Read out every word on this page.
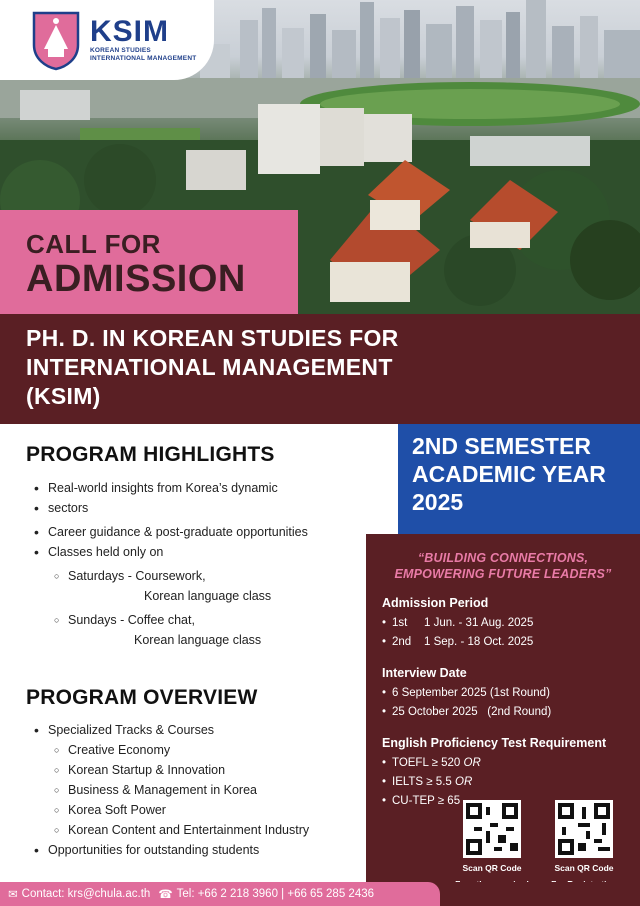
KSIM
KOREAN STUDIES
INTERNATIONAL MANAGEMENT
CALL FOR
ADMISSION
PH. D. IN KOREAN STUDIES FOR
INTERNATIONAL MANAGEMENT
(KSIM)
2ND SEMESTER
ACADEMIC YEAR
2025
PROGRAM HIGHLIGHTS
• Real-world insights from Korea’s dynamic
• sectors
• Career guidance & post-graduate opportunities
• Classes held only on
○ Saturdays - Coursework,
Korean language class
○ Sundays - Coffee chat,
Korean language class
PROGRAM OVERVIEW
• Specialized Tracks & Courses
○ Creative Economy
○ Korean Startup & Innovation
○ Business & Management in Korea
○ Korea Soft Power
○ Korean Content and Entertainment Industry
• Opportunities for outstanding students
“BUILDING CONNECTIONS,
EMPOWERING FUTURE LEADERS”
Admission Period
• 1st 1 Jun. - 31 Aug. 2025
• 2nd 1 Sep. - 18 Oct. 2025
Interview Date
• 6 September 2025 (1st Round)
• 25 October 2025 (2nd Round)
English Proficiency Test Requirement
• TOEFL ≥ 520 OR
• IELTS ≥ 5.5 OR
• CU-TEP ≥ 65
Scan QR Code	Scan QR Code
✉ Contact: krs@chula.ac.th ☎ Tel: +66 2 218 3960 | +66 65 285 2436
